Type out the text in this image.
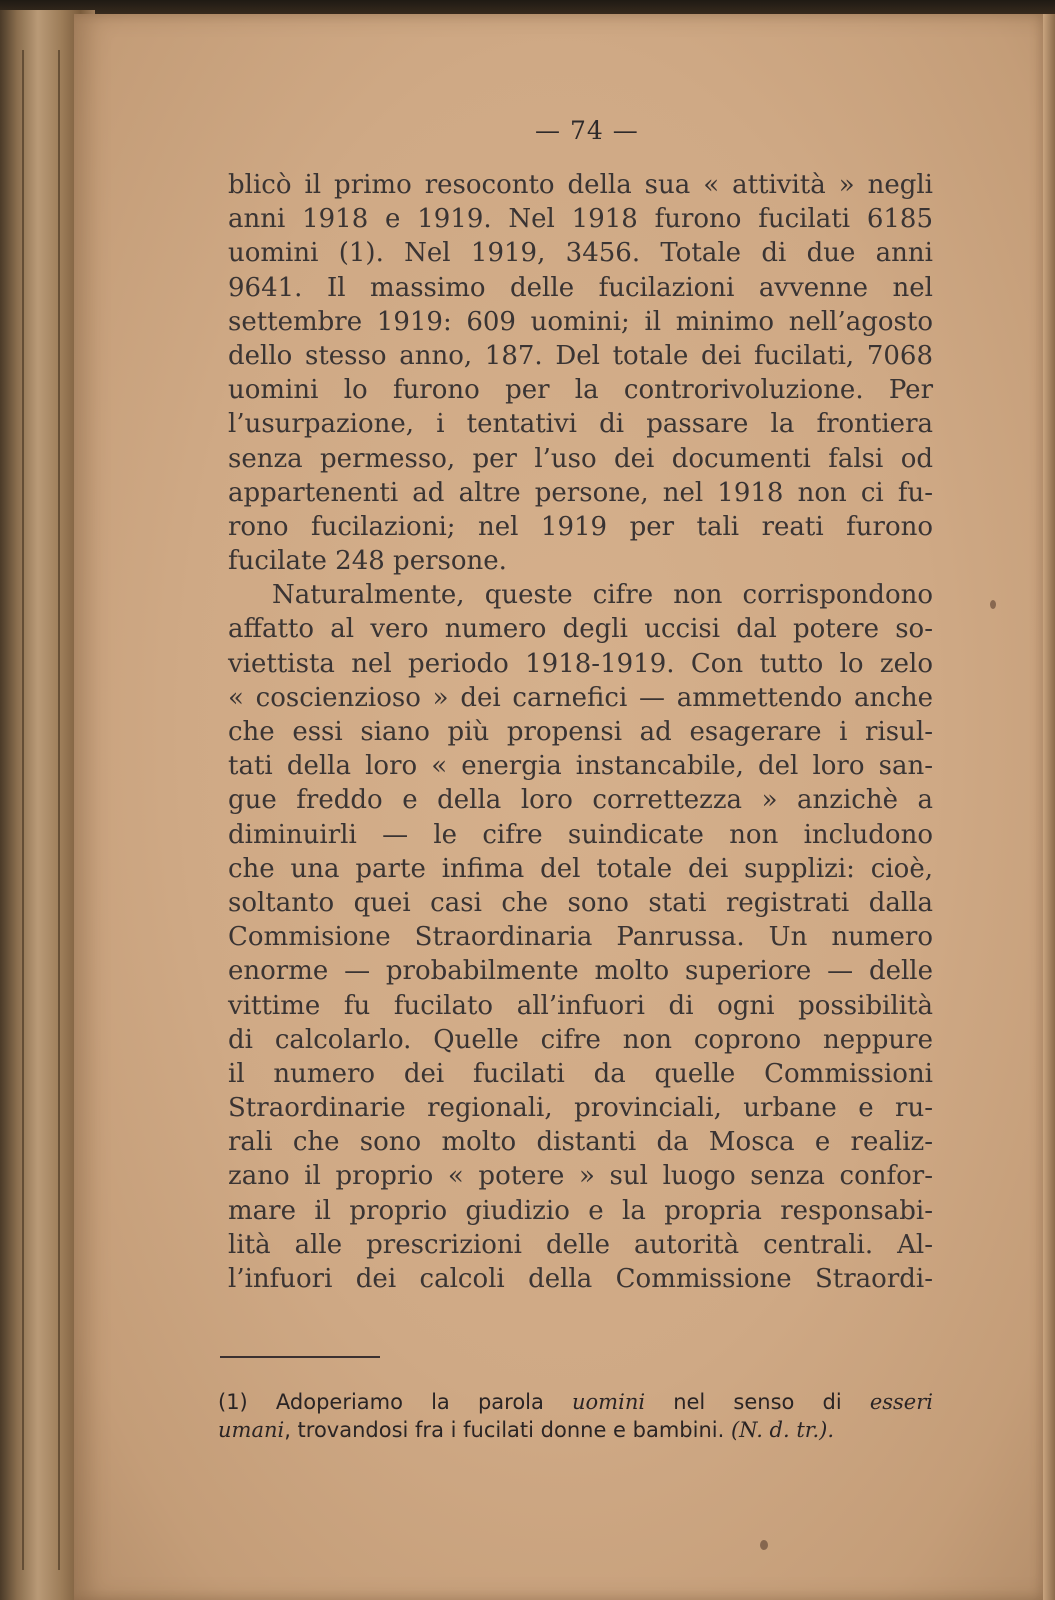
— 74 —
blicò il primo resoconto della sua « attività » negli
anni 1918 e 1919. Nel 1918 furono fucilati 6185
uomini (1). Nel 1919, 3456. Totale di due anni
9641. Il massimo delle fucilazioni avvenne nel
settembre 1919: 609 uomini; il minimo nell’agosto
dello stesso anno, 187. Del totale dei fucilati, 7068
uomini lo furono per la controrivoluzione. Per
l’usurpazione, i tentativi di passare la frontiera
senza permesso, per l’uso dei documenti falsi od
appartenenti ad altre persone, nel 1918 non ci fu-
rono fucilazioni; nel 1919 per tali reati furono
fucilate 248 persone.
Naturalmente, queste cifre non corrispondono
affatto al vero numero degli uccisi dal potere so-
viettista nel periodo 1918-1919. Con tutto lo zelo
« coscienzioso » dei carnefici — ammettendo anche
che essi siano più propensi ad esagerare i risul-
tati della loro « energia instancabile, del loro san-
gue freddo e della loro correttezza » anzichè a
diminuirli — le cifre suindicate non includono
che una parte infima del totale dei supplizi: cioè,
soltanto quei casi che sono stati registrati dalla
Commisione Straordinaria Panrussa. Un numero
enorme — probabilmente molto superiore — delle
vittime fu fucilato all’infuori di ogni possibilità
di calcolarlo. Quelle cifre non coprono neppure
il numero dei fucilati da quelle Commissioni
Straordinarie regionali, provinciali, urbane e ru-
rali che sono molto distanti da Mosca e realiz-
zano il proprio « potere » sul luogo senza confor-
mare il proprio giudizio e la propria responsabi-
lità alle prescrizioni delle autorità centrali. Al-
l’infuori dei calcoli della Commissione Straordi-
(1) Adoperiamo la parola uomini nel senso di esseri
umani, trovandosi fra i fucilati donne e bambini. (N. d. tr.).
